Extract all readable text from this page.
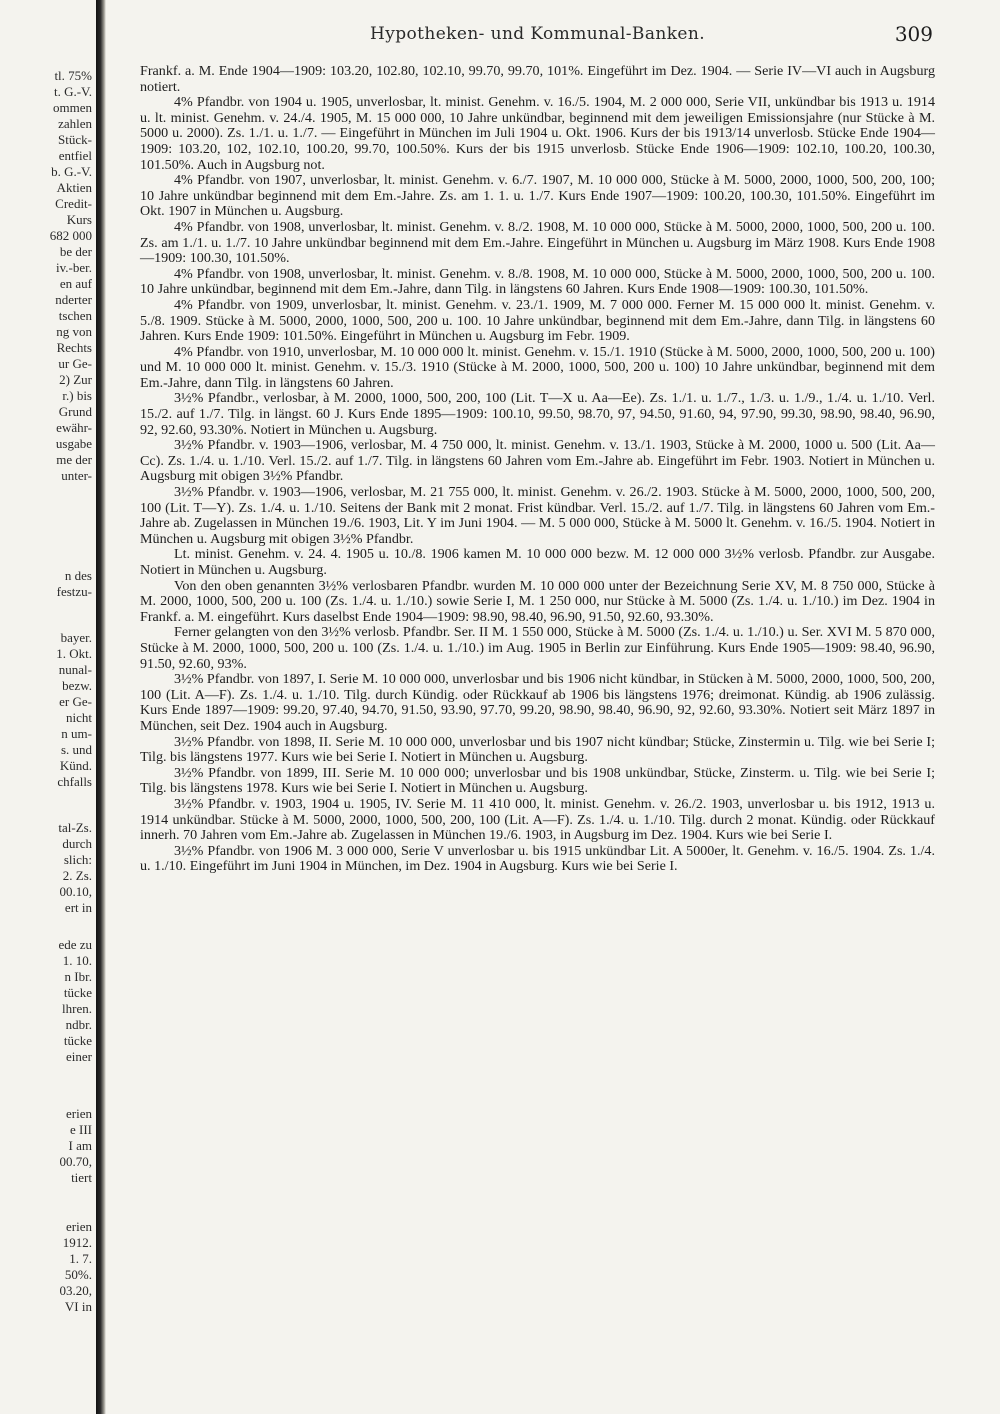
tl. 75%

t. G.-V.

ommen

zahlen

Stück-

entfiel

b. G.-V.

Aktien

Credit-

Kurs

682 000

be der

iv.-ber.

en auf

nderter

tschen

ng von

Rechts

ur Ge-

2) Zur

r.) bis

Grund

ewähr-

usgabe

me der

unter-

n des

festzu-

bayer.

1. Okt.

nunal-

bezw.

er Ge-

nicht

n um-

s. und

Künd.

chfalls

tal-Zs.

durch

slich:

2. Zs.

00.10,

ert in

ede zu

1. 10.

n Ibr.

tücke

lhren.

ndbr.

tücke

einer

erien

e III

I am

00.70,

tiert

erien

1912.

1. 7.

50%.

03.20,

VI in

Hypotheken- und Kommunal-Banken.	309

Frankf. a. M. Ende 1904—1909: 103.20, 102.80, 102.10, 99.70, 99.70, 101%. Eingeführt im Dez. 1904. — Serie IV—VI auch in Augsburg notiert.

4% Pfandbr. von 1904 u. 1905, unverlosbar, lt. minist. Genehm. v. 16./5. 1904, M. 2 000 000, Serie VII, unkündbar bis 1913 u. 1914 u. lt. minist. Genehm. v. 24./4. 1905, M. 15 000 000, 10 Jahre unkündbar, beginnend mit dem jeweiligen Emissionsjahre (nur Stücke à M. 5000 u. 2000). Zs. 1./1. u. 1./7. — Eingeführt in München im Juli 1904 u. Okt. 1906. Kurs der bis 1913/14 unverlosb. Stücke Ende 1904—1909: 103.20, 102, 102.10, 100.20, 99.70, 100.50%. Kurs der bis 1915 unverlosb. Stücke Ende 1906—1909: 102.10, 100.20, 100.30, 101.50%. Auch in Augsburg not.

4% Pfandbr. von 1907, unverlosbar, lt. minist. Genehm. v. 6./7. 1907, M. 10 000 000, Stücke à M. 5000, 2000, 1000, 500, 200, 100; 10 Jahre unkündbar beginnend mit dem Em.-Jahre. Zs. am 1. 1. u. 1./7. Kurs Ende 1907—1909: 100.20, 100.30, 101.50%. Eingeführt im Okt. 1907 in München u. Augsburg.

4% Pfandbr. von 1908, unverlosbar, lt. minist. Genehm. v. 8./2. 1908, M. 10 000 000, Stücke à M. 5000, 2000, 1000, 500, 200 u. 100. Zs. am 1./1. u. 1./7. 10 Jahre unkündbar beginnend mit dem Em.-Jahre. Eingeführt in München u. Augsburg im März 1908. Kurs Ende 1908—1909: 100.30, 101.50%.

4% Pfandbr. von 1908, unverlosbar, lt. minist. Genehm. v. 8./8. 1908, M. 10 000 000, Stücke à M. 5000, 2000, 1000, 500, 200 u. 100. 10 Jahre unkündbar, beginnend mit dem Em.-Jahre, dann Tilg. in längstens 60 Jahren. Kurs Ende 1908—1909: 100.30, 101.50%.

4% Pfandbr. von 1909, unverlosbar, lt. minist. Genehm. v. 23./1. 1909, M. 7 000 000. Ferner M. 15 000 000 lt. minist. Genehm. v. 5./8. 1909. Stücke à M. 5000, 2000, 1000, 500, 200 u. 100. 10 Jahre unkündbar, beginnend mit dem Em.-Jahre, dann Tilg. in längstens 60 Jahren. Kurs Ende 1909: 101.50%. Eingeführt in München u. Augsburg im Febr. 1909.

4% Pfandbr. von 1910, unverlosbar, M. 10 000 000 lt. minist. Genehm. v. 15./1. 1910 (Stücke à M. 5000, 2000, 1000, 500, 200 u. 100) und M. 10 000 000 lt. minist. Genehm. v. 15./3. 1910 (Stücke à M. 2000, 1000, 500, 200 u. 100) 10 Jahre unkündbar, beginnend mit dem Em.-Jahre, dann Tilg. in längstens 60 Jahren.

3½% Pfandbr., verlosbar, à M. 2000, 1000, 500, 200, 100 (Lit. T—X u. Aa—Ee). Zs. 1./1. u. 1./7., 1./3. u. 1./9., 1./4. u. 1./10. Verl. 15./2. auf 1./7. Tilg. in längst. 60 J. Kurs Ende 1895—1909: 100.10, 99.50, 98.70, 97, 94.50, 91.60, 94, 97.90, 99.30, 98.90, 98.40, 96.90, 92, 92.60, 93.30%. Notiert in München u. Augsburg.

3½% Pfandbr. v. 1903—1906, verlosbar, M. 4 750 000, lt. minist. Genehm. v. 13./1. 1903, Stücke à M. 2000, 1000 u. 500 (Lit. Aa—Cc). Zs. 1./4. u. 1./10. Verl. 15./2. auf 1./7. Tilg. in längstens 60 Jahren vom Em.-Jahre ab. Eingeführt im Febr. 1903. Notiert in München u. Augsburg mit obigen 3½% Pfandbr.

3½% Pfandbr. v. 1903—1906, verlosbar, M. 21 755 000, lt. minist. Genehm. v. 26./2. 1903. Stücke à M. 5000, 2000, 1000, 500, 200, 100 (Lit. T—Y). Zs. 1./4. u. 1./10. Seitens der Bank mit 2 monat. Frist kündbar. Verl. 15./2. auf 1./7. Tilg. in längstens 60 Jahren vom Em.-Jahre ab. Zugelassen in München 19./6. 1903, Lit. Y im Juni 1904. — M. 5 000 000, Stücke à M. 5000 lt. Genehm. v. 16./5. 1904. Notiert in München u. Augsburg mit obigen 3½% Pfandbr.

Lt. minist. Genehm. v. 24. 4. 1905 u. 10./8. 1906 kamen M. 10 000 000 bezw. M. 12 000 000 3½% verlosb. Pfandbr. zur Ausgabe. Notiert in München u. Augsburg.

Von den oben genannten 3½% verlosbaren Pfandbr. wurden M. 10 000 000 unter der Bezeichnung Serie XV, M. 8 750 000, Stücke à M. 2000, 1000, 500, 200 u. 100 (Zs. 1./4. u. 1./10.) sowie Serie I, M. 1 250 000, nur Stücke à M. 5000 (Zs. 1./4. u. 1./10.) im Dez. 1904 in Frankf. a. M. eingeführt. Kurs daselbst Ende 1904—1909: 98.90, 98.40, 96.90, 91.50, 92.60, 93.30%.

Ferner gelangten von den 3½% verlosb. Pfandbr. Ser. II M. 1 550 000, Stücke à M. 5000 (Zs. 1./4. u. 1./10.) u. Ser. XVI M. 5 870 000, Stücke à M. 2000, 1000, 500, 200 u. 100 (Zs. 1./4. u. 1./10.) im Aug. 1905 in Berlin zur Einführung. Kurs Ende 1905—1909: 98.40, 96.90, 91.50, 92.60, 93%.

3½% Pfandbr. von 1897, I. Serie M. 10 000 000, unverlosbar und bis 1906 nicht kündbar, in Stücken à M. 5000, 2000, 1000, 500, 200, 100 (Lit. A—F). Zs. 1./4. u. 1./10. Tilg. durch Kündig. oder Rückkauf ab 1906 bis längstens 1976; dreimonat. Kündig. ab 1906 zulässig. Kurs Ende 1897—1909: 99.20, 97.40, 94.70, 91.50, 93.90, 97.70, 99.20, 98.90, 98.40, 96.90, 92, 92.60, 93.30%. Notiert seit März 1897 in München, seit Dez. 1904 auch in Augsburg.

3½% Pfandbr. von 1898, II. Serie M. 10 000 000, unverlosbar und bis 1907 nicht kündbar; Stücke, Zinstermin u. Tilg. wie bei Serie I; Tilg. bis längstens 1977. Kurs wie bei Serie I. Notiert in München u. Augsburg.

3½% Pfandbr. von 1899, III. Serie M. 10 000 000; unverlosbar und bis 1908 unkündbar, Stücke, Zinsterm. u. Tilg. wie bei Serie I; Tilg. bis längstens 1978. Kurs wie bei Serie I. Notiert in München u. Augsburg.

3½% Pfandbr. v. 1903, 1904 u. 1905, IV. Serie M. 11 410 000, lt. minist. Genehm. v. 26./2. 1903, unverlosbar u. bis 1912, 1913 u. 1914 unkündbar. Stücke à M. 5000, 2000, 1000, 500, 200, 100 (Lit. A—F). Zs. 1./4. u. 1./10. Tilg. durch 2 monat. Kündig. oder Rückkauf innerh. 70 Jahren vom Em.-Jahre ab. Zugelassen in München 19./6. 1903, in Augsburg im Dez. 1904. Kurs wie bei Serie I.

3½% Pfandbr. von 1906 M. 3 000 000, Serie V unverlosbar u. bis 1915 unkündbar Lit. A 5000er, lt. Genehm. v. 16./5. 1904. Zs. 1./4. u. 1./10. Eingeführt im Juni 1904 in München, im Dez. 1904 in Augsburg. Kurs wie bei Serie I.
